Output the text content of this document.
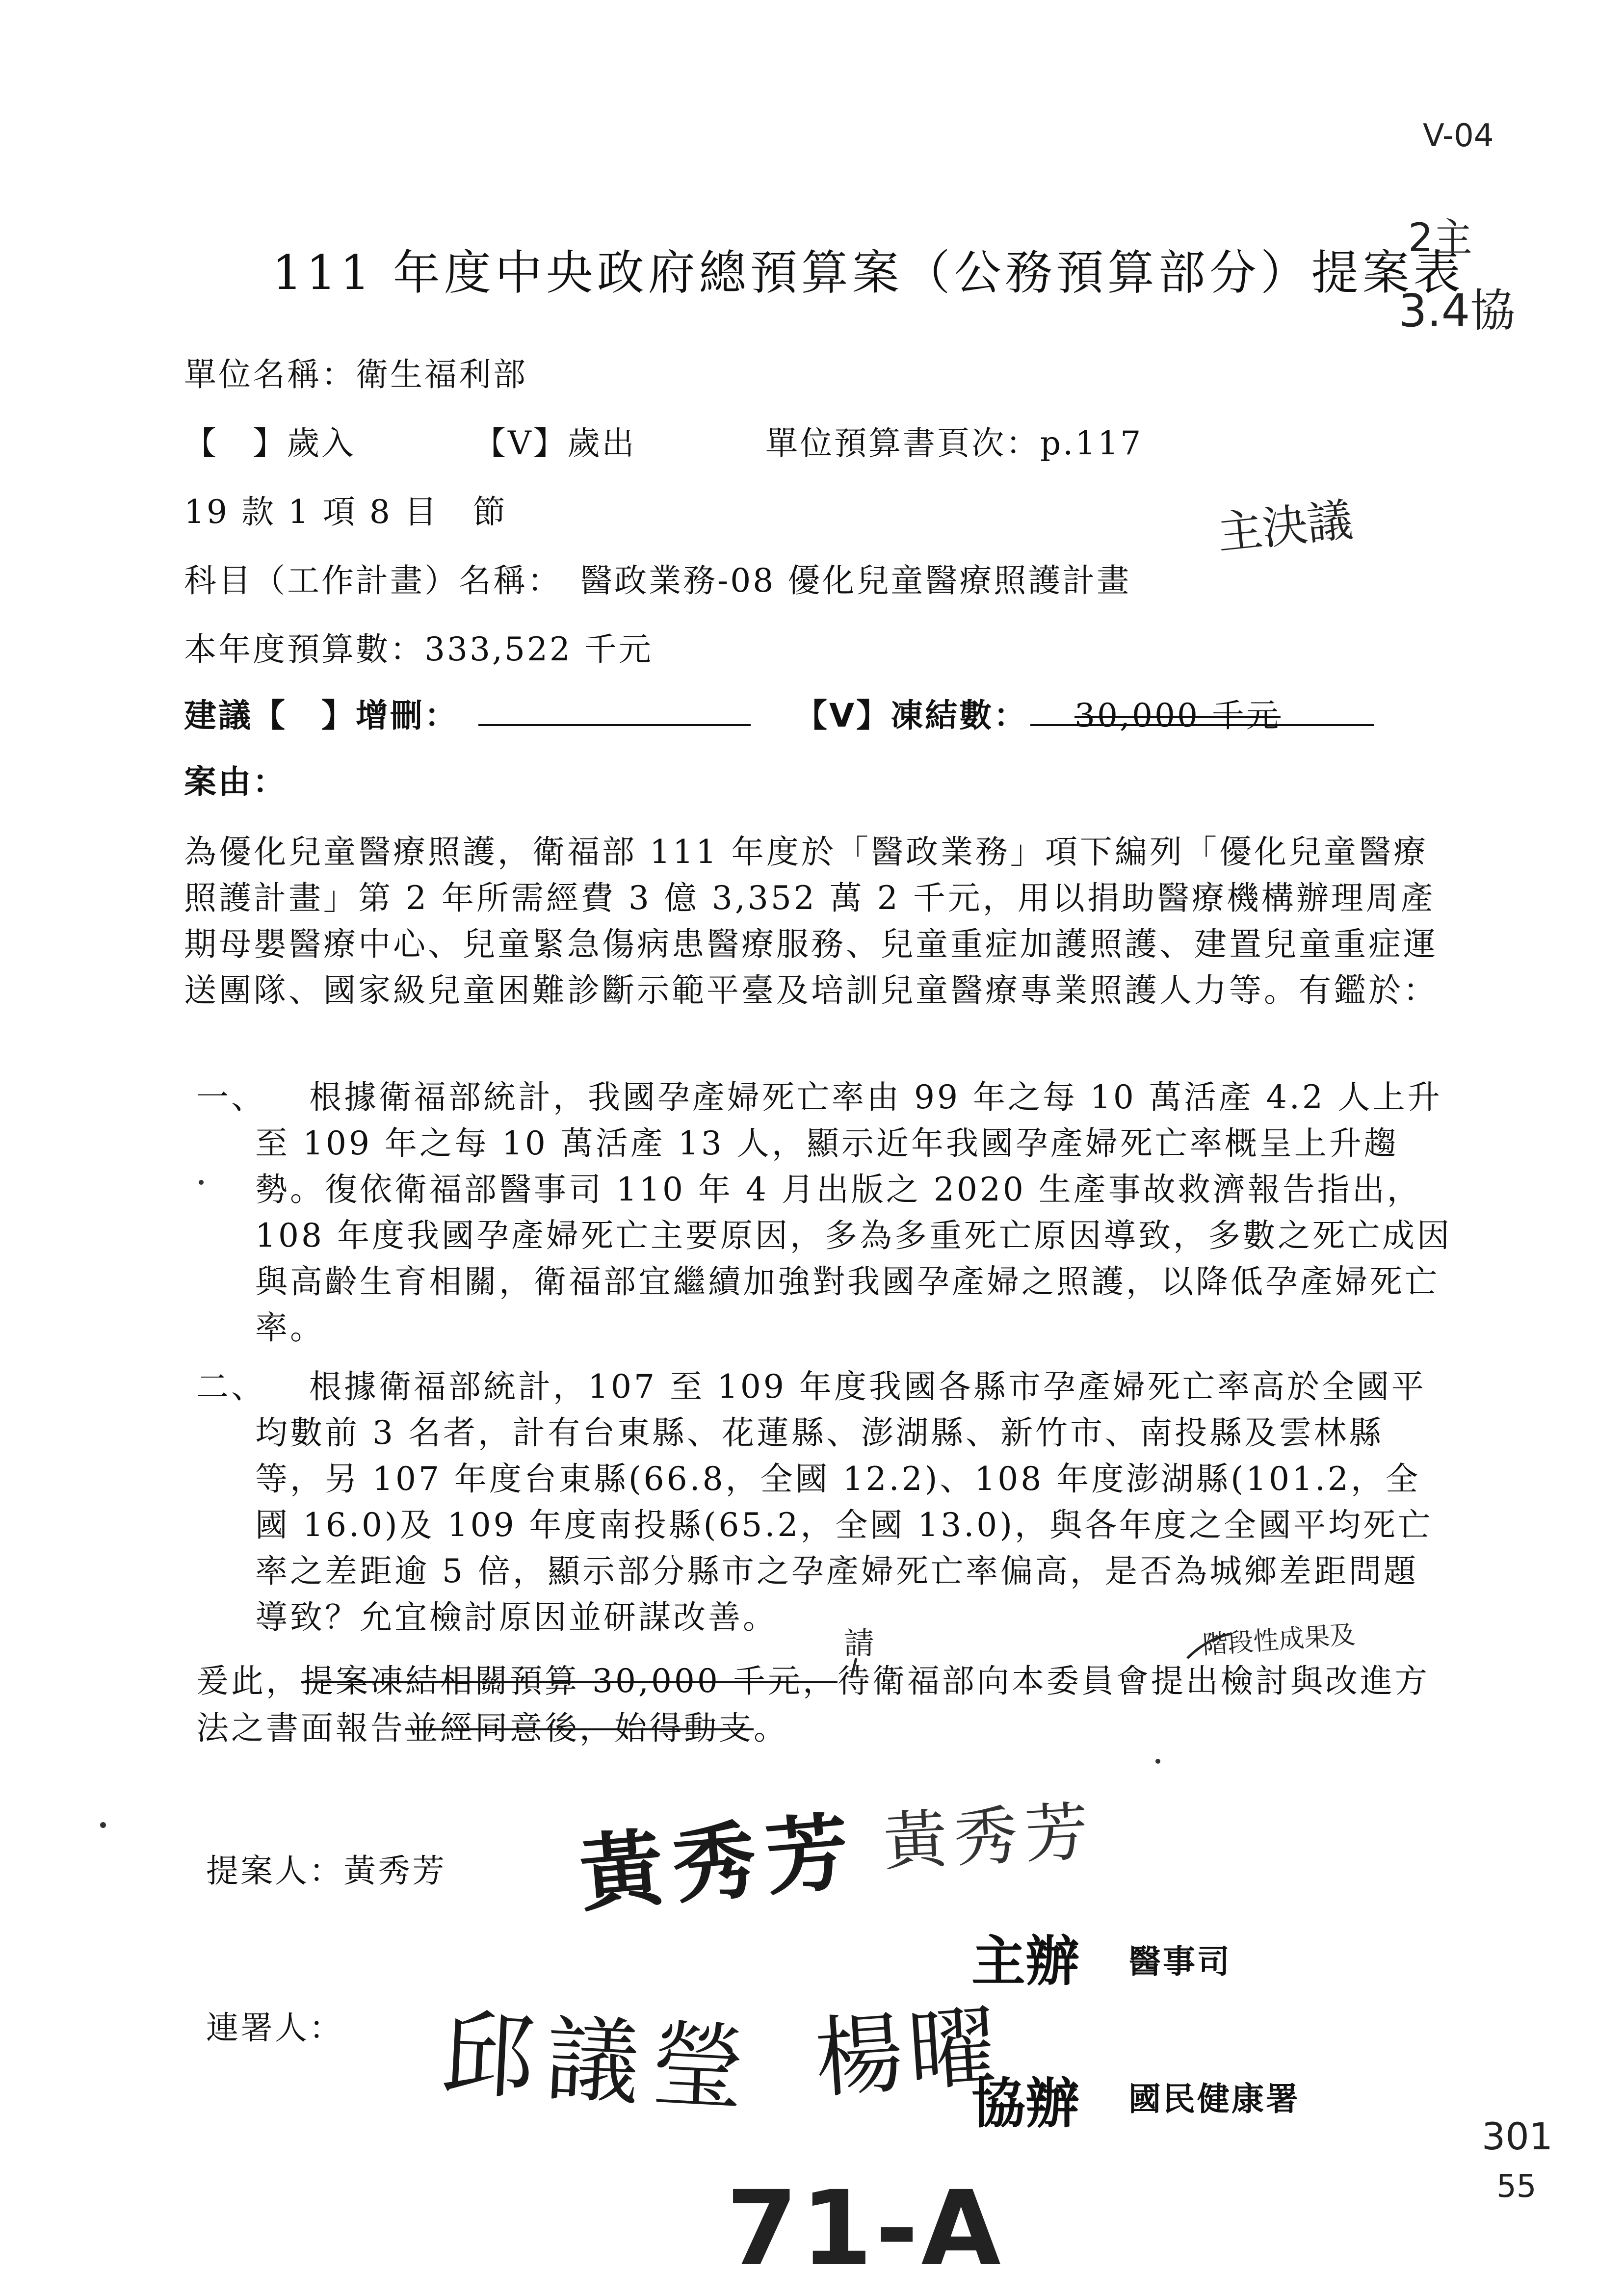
V-04
2主
3.4協
主決議
111 年度中央政府總預算案（公務預算部分）提案表
單位名稱：衛生福利部
【　】歲入	【V】歲出	單位預算書頁次：p.117
19 款 1 項 8 目　節
科目（工作計畫）名稱：　醫政業務-08 優化兒童醫療照護計畫
本年度預算數：333,522 千元
建議【　】增刪：	【V】凍結數： 30,000 千元
案由：
為優化兒童醫療照護，衛福部 111 年度於「醫政業務」項下編列「優化兒童醫療照護計畫」第 2 年所需經費 3 億 3,352 萬 2 千元，用以捐助醫療機構辦理周產期母嬰醫療中心、兒童緊急傷病患醫療服務、兒童重症加護照護、建置兒童重症運送團隊、國家級兒童困難診斷示範平臺及培訓兒童醫療專業照護人力等。有鑑於：
一、	根據衛福部統計，我國孕產婦死亡率由 99 年之每 10 萬活產 4.2 人上升至 109 年之每 10 萬活產 13 人，顯示近年我國孕產婦死亡率概呈上升趨勢。復依衛福部醫事司 110 年 4 月出版之 2020 生產事故救濟報告指出，108 年度我國孕產婦死亡主要原因，多為多重死亡原因導致，多數之死亡成因與高齡生育相關，衛福部宜繼續加強對我國孕產婦之照護，以降低孕產婦死亡率。
二、	根據衛福部統計，107 至 109 年度我國各縣市孕產婦死亡率高於全國平均數前 3 名者，計有台東縣、花蓮縣、澎湖縣、新竹市、南投縣及雲林縣等，另 107 年度台東縣(66.8，全國 12.2)、108 年度澎湖縣(101.2，全國 16.0)及 109 年度南投縣(65.2，全國 13.0)，與各年度之全國平均死亡率之差距逾 5 倍，顯示部分縣市之孕產婦死亡率偏高，是否為城鄉差距問題導致？允宜檢討原因並研謀改善。
請	階段性成果及
爰此，提案凍結相關預算 30,000 千元，待衛福部向本委員會提出檢討與改進方
法之書面報告並經同意後，始得動支。
提案人：黃秀芳 黃秀芳 黃秀芳
主辦 醫事司
連署人： 邱議瑩 楊曜
協辦 國民健康署
301
55
71-A
